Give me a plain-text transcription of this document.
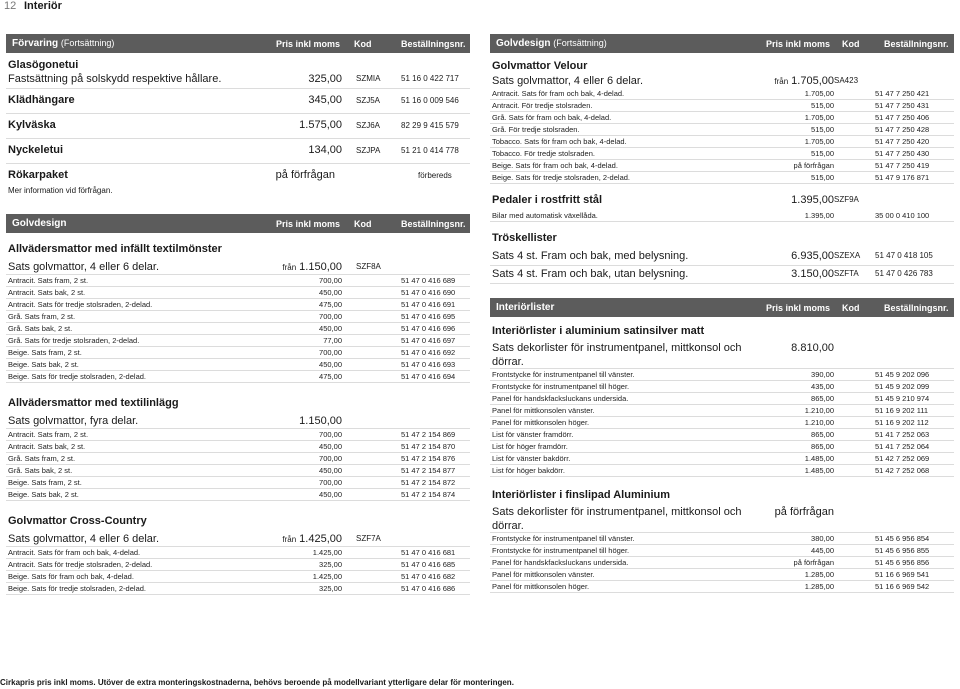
12 Interiör
Förvaring (Fortsättning)	Pris inkl moms Kod	Beställningsnr.
Glasögonetui
Fastsättning på solskydd respektive hållare.	325,00 SZMIA	51 16 0 422 717
Klädhängare	345,00 SZJ5A	51 16 0 009 546
Kylväska	1.575,00 SZJ6A	82 29 9 415 579
Nyckeletui	134,00 SZJPA	51 21 0 414 778
Rökarpaket	på förfrågan	förbereds
Mer information vid förfrågan.
Golvdesign	Pris inkl moms Kod	Beställningsnr.
Allvädersmattor med infällt textilmönster
Sats golvmattor, 4 eller 6 delar.	från 1.150,00 SZF8A
Antracit. Sats fram, 2 st.	700,00	51 47 0 416 689
Antracit. Sats bak, 2 st.	450,00	51 47 0 416 690
Antracit. Sats för tredje stolsraden, 2-delad.	475,00	51 47 0 416 691
Grå. Sats fram, 2 st.	700,00	51 47 0 416 695
Grå. Sats bak, 2 st.	450,00	51 47 0 416 696
Grå. Sats för tredje stolsraden, 2-delad.	77,00	51 47 0 416 697
Beige. Sats fram, 2 st.	700,00	51 47 0 416 692
Beige. Sats bak, 2 st.	450,00	51 47 0 416 693
Beige. Sats för tredje stolsraden, 2-delad.	475,00	51 47 0 416 694
Allvädersmattor med textilinlägg
Sats golvmattor, fyra delar.	1.150,00
Antracit. Sats fram, 2 st.	700,00	51 47 2 154 869
Antracit. Sats bak, 2 st.	450,00	51 47 2 154 870
Grå. Sats fram, 2 st.	700,00	51 47 2 154 876
Grå. Sats bak, 2 st.	450,00	51 47 2 154 877
Beige. Sats fram, 2 st.	700,00	51 47 2 154 872
Beige. Sats bak, 2 st.	450,00	51 47 2 154 874
Golvmattor Cross-Country
Sats golvmattor, 4 eller 6 delar.	från 1.425,00 SZF7A
Antracit. Sats för fram och bak, 4-delad.	1.425,00	51 47 0 416 681
Antracit. Sats för tredje stolsraden, 2-delad.	325,00	51 47 0 416 685
Beige. Sats för fram och bak, 4-delad.	1.425,00	51 47 0 416 682
Beige. Sats för tredje stolsraden, 2-delad.	325,00	51 47 0 416 686
Golvdesign (Fortsättning)	Pris inkl moms Kod	Beställningsnr.
Golvmattor Velour
Sats golvmattor, 4 eller 6 delar.	från 1.705,00 SA423
Antracit. Sats för fram och bak, 4-delad.	1.705,00	51 47 7 250 421
Antracit. För tredje stolsraden.	515,00	51 47 7 250 431
Grå. Sats för fram och bak, 4-delad.	1.705,00	51 47 7 250 406
Grå. För tredje stolsraden.	515,00	51 47 7 250 428
Tobacco. Sats för fram och bak, 4-delad.	1.705,00	51 47 7 250 420
Tobacco. För tredje stolsraden.	515,00	51 47 7 250 430
Beige. Sats för fram och bak, 4-delad.	på förfrågan	51 47 7 250 419
Beige. Sats för tredje stolsraden, 2-delad.	515,00	51 47 9 176 871
Pedaler i rostfritt stål	1.395,00 SZF9A
Bilar med automatisk växellåda.	1.395,00	35 00 0 410 100
Tröskellister
Sats 4 st. Fram och bak, med belysning.	6.935,00 SZEXA 51 47 0 418 105
Sats 4 st. Fram och bak, utan belysning.	3.150,00 SZFTA 51 47 0 426 783
Interiörlister	Pris inkl moms Kod	Beställningsnr.
Interiörlister i aluminium satinsilver matt
Sats dekorlister för instrumentpanel, mittkonsol och	8.810,00
dörrar.
Frontstycke för instrumentpanel till vänster.	390,00	51 45 9 202 096
Frontstycke för instrumentpanel till höger.	435,00	51 45 9 202 099
Panel för handskfacksluckans undersida.	865,00	51 45 9 210 974
Panel för mittkonsolen vänster.	1.210,00	51 16 9 202 111
Panel för mittkonsolen höger.	1.210,00	51 16 9 202 112
List för vänster framdörr.	865,00	51 41 7 252 063
List för höger framdörr.	865,00	51 41 7 252 064
List för vänster bakdörr.	1.485,00	51 42 7 252 069
List för höger bakdörr.	1.485,00	51 42 7 252 068
Interiörlister i finslipad Aluminium
Sats dekorlister för instrumentpanel, mittkonsol och	på förfrågan
dörrar.
Frontstycke för instrumentpanel till vänster.	380,00	51 45 6 956 854
Frontstycke för instrumentpanel till höger.	445,00	51 45 6 956 855
Panel för handskfacksluckans undersida.	på förfrågan	51 45 6 956 856
Panel för mittkonsolen vänster.	1.285,00	51 16 6 969 541
Panel för mittkonsolen höger.	1.285,00	51 16 6 969 542
Cirkapris pris inkl moms. Utöver de extra monteringskostnaderna, behövs beroende på modellvariant ytterligare delar för monteringen.
